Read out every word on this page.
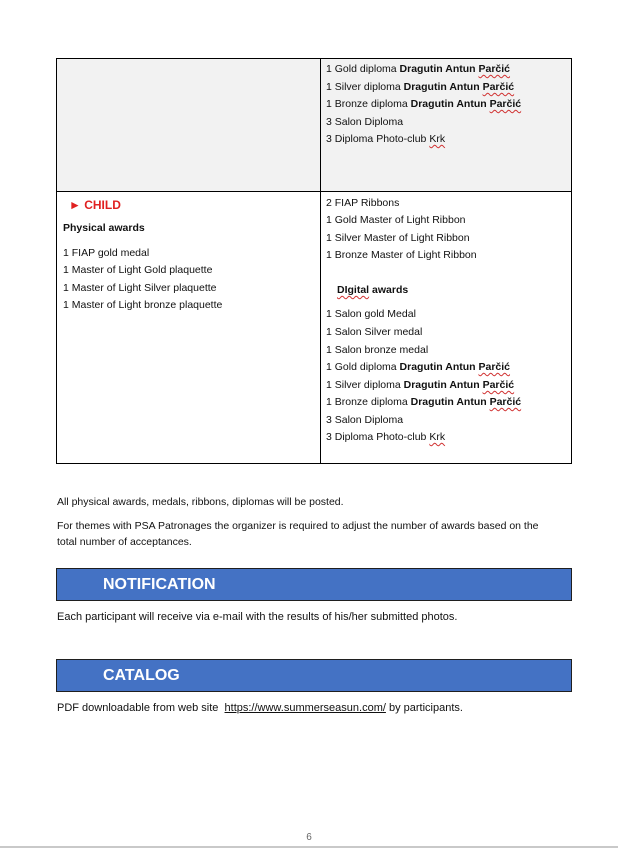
1 Gold diploma Dragutin Antun Parčić
1 Silver diploma Dragutin Antun Parčić
1 Bronze diploma Dragutin Antun Parčić
3 Salon Diploma
3 Diploma Photo-club Krk
► CHILD
Physical awards
1 FIAP gold medal
1 Master of Light Gold plaquette
1 Master of Light Silver plaquette
1 Master of Light bronze plaquette
2 FIAP Ribbons
1 Gold Master of Light Ribbon
1 Silver Master of Light Ribbon
1 Bronze Master of Light Ribbon
DIgital awards
1 Salon gold Medal
1 Salon Silver medal
1 Salon bronze medal
1 Gold diploma Dragutin Antun Parčić
1 Silver diploma Dragutin Antun Parčić
1 Bronze diploma Dragutin Antun Parčić
3 Salon Diploma
3 Diploma Photo-club Krk
All physical awards, medals, ribbons, diplomas will be posted.
For themes with PSA Patronages the organizer is required to adjust the number of awards based on the
total number of acceptances.
NOTIFICATION
Each participant will receive via e-mail with the results of his/her submitted photos.
CATALOG
PDF downloadable from web site  https://www.summerseasun.com/ by participants.
6
